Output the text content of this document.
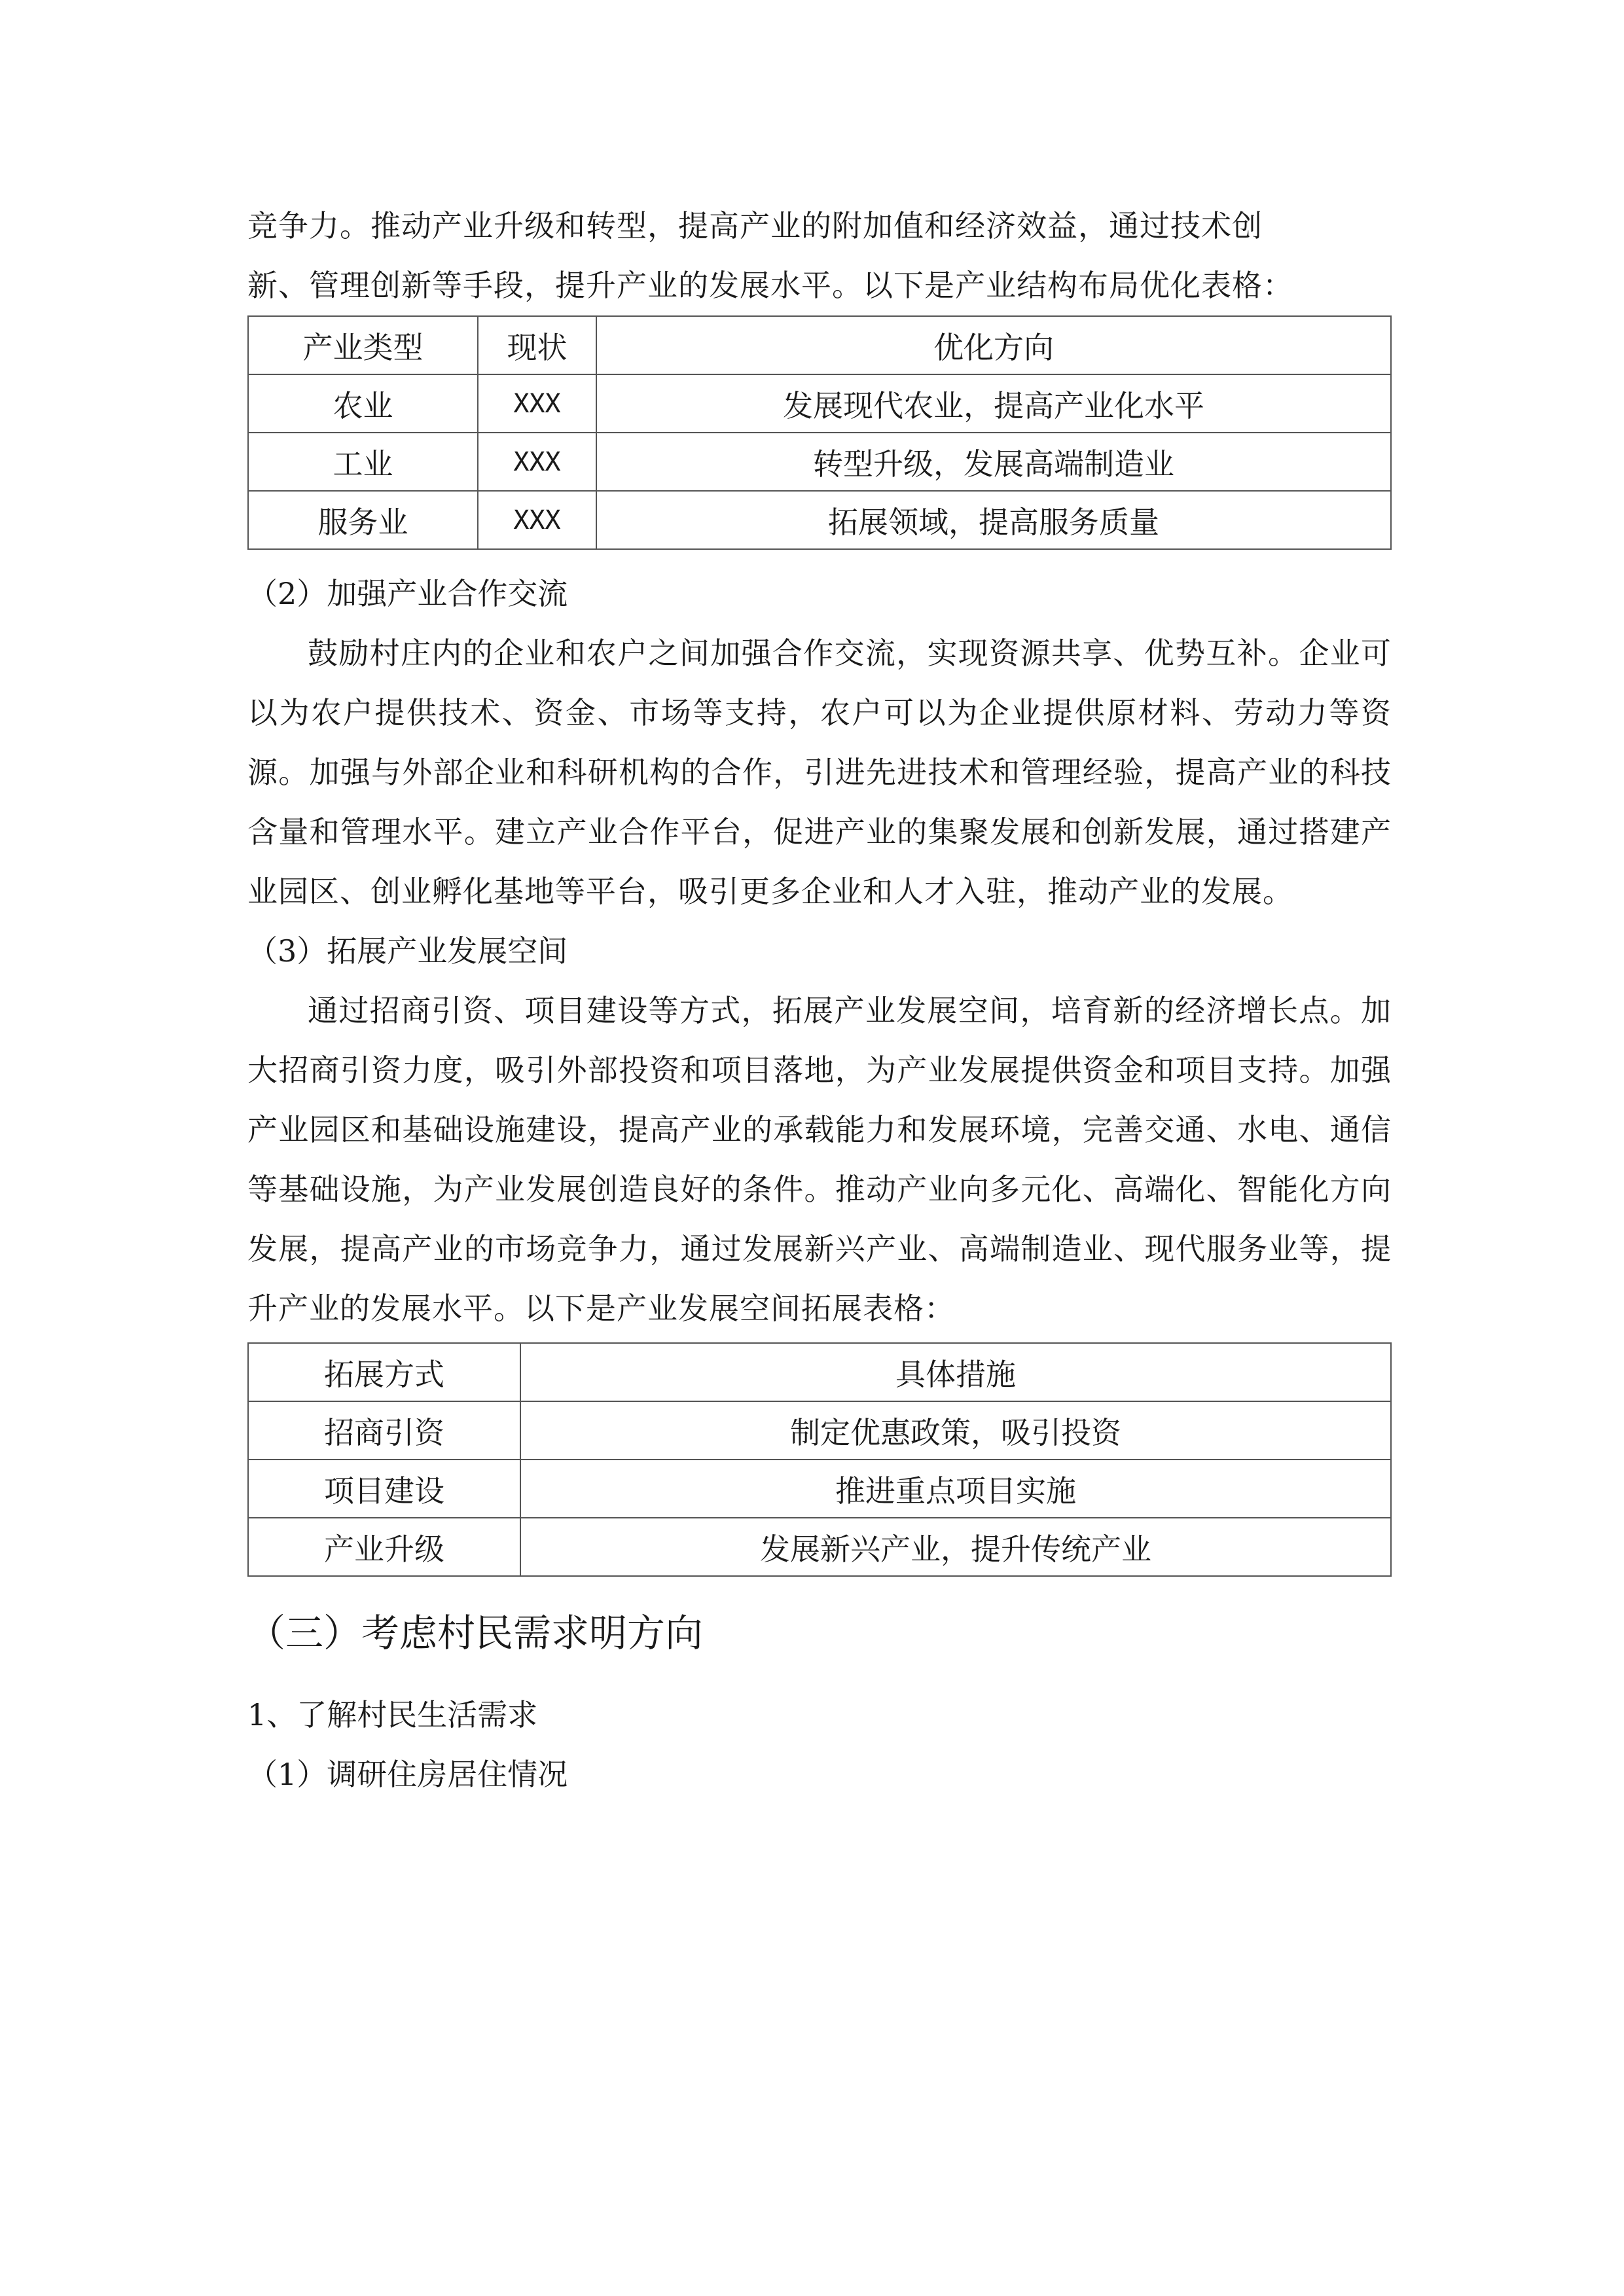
竞争力。推动产业升级和转型，提高产业的附加值和经济效益，通过技术创

新、管理创新等手段，提升产业的发展水平。以下是产业结构布局优化表格：

产业类型	现状	优化方向
农业	XXX	发展现代农业，提高产业化水平
工业	XXX	转型升级，发展高端制造业
服务业	XXX	拓展领域，提高服务质量

（2）加强产业合作交流

鼓励村庄内的企业和农户之间加强合作交流，实现资源共享、优势互补。企业可以为农户提供技术、资金、市场等支持，农户可以为企业提供原材料、劳动力等资源。加强与外部企业和科研机构的合作，引进先进技术和管理经验，提高产业的科技含量和管理水平。建立产业合作平台，促进产业的集聚发展和创新发展，通过搭建产业园区、创业孵化基地等平台，吸引更多企业和人才入驻，推动产业的发展。

（3）拓展产业发展空间

通过招商引资、项目建设等方式，拓展产业发展空间，培育新的经济增长点。加大招商引资力度，吸引外部投资和项目落地，为产业发展提供资金和项目支持。加强产业园区和基础设施建设，提高产业的承载能力和发展环境，完善交通、水电、通信等基础设施，为产业发展创造良好的条件。推动产业向多元化、高端化、智能化方向发展，提高产业的市场竞争力，通过发展新兴产业、高端制造业、现代服务业等，提升产业的发展水平。以下是产业发展空间拓展表格：

拓展方式	具体措施
招商引资	制定优惠政策，吸引投资
项目建设	推进重点项目实施
产业升级	发展新兴产业，提升传统产业
（三）考虑村民需求明方向

1、了解村民生活需求

（1）调研住房居住情况
